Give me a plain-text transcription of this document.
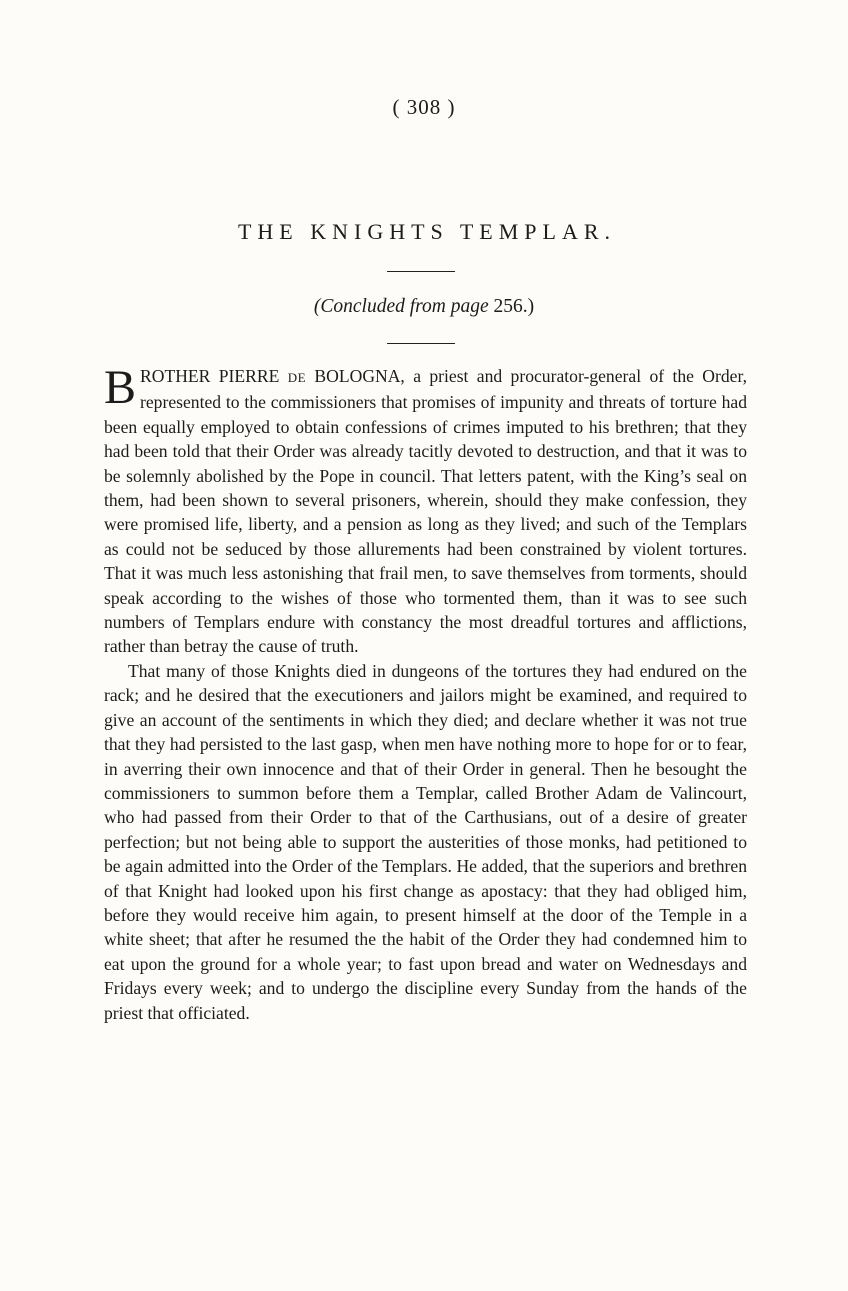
( 308 )
THE KNIGHTS TEMPLAR.
(Concluded from page 256.)

BROTHER PIERRE DE BOLOGNA, a priest and procurator-general of the Order, represented to the commissioners that promises of impunity and threats of torture had been equally employed to obtain confessions of crimes imputed to his brethren; that they had been told that their Order was already tacitly devoted to destruction, and that it was to be solemnly abolished by the Pope in council. That letters patent, with the King’s seal on them, had been shown to several prisoners, wherein, should they make confession, they were promised life, liberty, and a pension as long as they lived; and such of the Templars as could not be seduced by those allurements had been constrained by violent tortures. That it was much less astonishing that frail men, to save themselves from torments, should speak according to the wishes of those who tormented them, than it was to see such numbers of Templars endure with constancy the most dreadful tortures and afflictions, rather than betray the cause of truth.

That many of those Knights died in dungeons of the tortures they had endured on the rack; and he desired that the executioners and jailors might be examined, and required to give an account of the sentiments in which they died; and declare whether it was not true that they had persisted to the last gasp, when men have nothing more to hope for or to fear, in averring their own innocence and that of their Order in general. Then he besought the commissioners to summon before them a Templar, called Brother Adam de Valincourt, who had passed from their Order to that of the Carthusians, out of a desire of greater perfection; but not being able to support the austerities of those monks, had petitioned to be again admitted into the Order of the Templars. He added, that the superiors and brethren of that Knight had looked upon his first change as apostacy: that they had obliged him, before they would receive him again, to present himself at the door of the Temple in a white sheet; that after he resumed the the habit of the Order they had condemned him to eat upon the ground for a whole year; to fast upon bread and water on Wednesdays and Fridays every week; and to undergo the discipline every Sunday from the hands of the priest that officiated.
